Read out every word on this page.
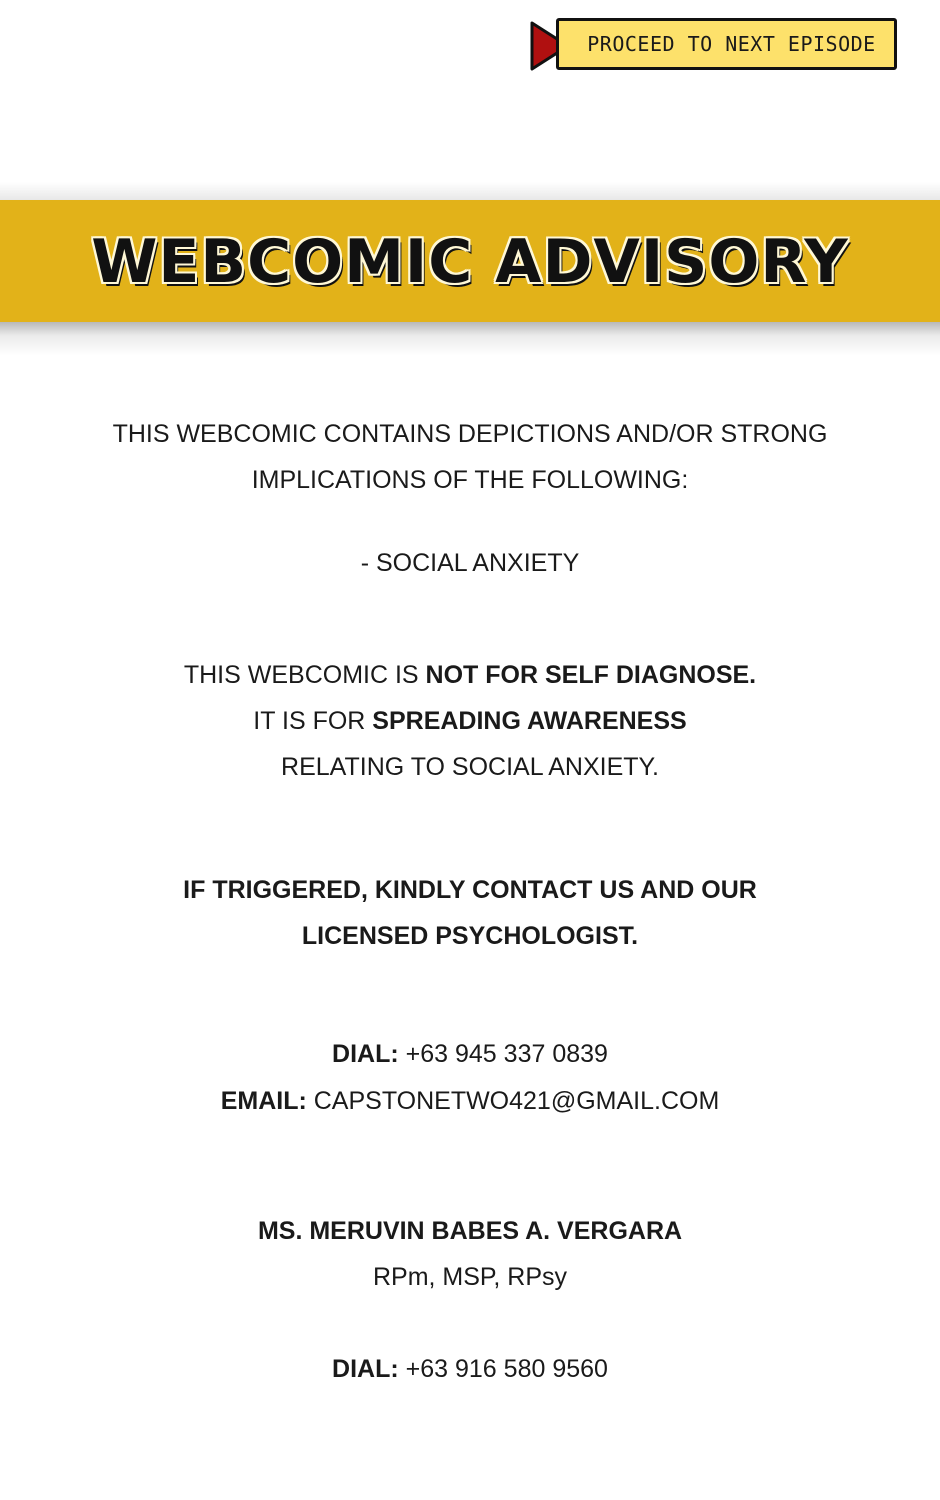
PROCEED TO NEXT EPISODE
WEBCOMIC ADVISORY
THIS WEBCOMIC CONTAINS DEPICTIONS AND/OR STRONG
IMPLICATIONS OF THE FOLLOWING:
- SOCIAL ANXIETY
THIS WEBCOMIC IS NOT FOR SELF DIAGNOSE.
IT IS FOR SPREADING AWARENESS
RELATING TO SOCIAL ANXIETY.
IF TRIGGERED, KINDLY CONTACT US AND OUR
LICENSED PSYCHOLOGIST.
DIAL: +63 945 337 0839
EMAIL: CAPSTONETWO421@GMAIL.COM
MS. MERUVIN BABES A. VERGARA
RPm, MSP, RPsy
DIAL: +63 916 580 9560
